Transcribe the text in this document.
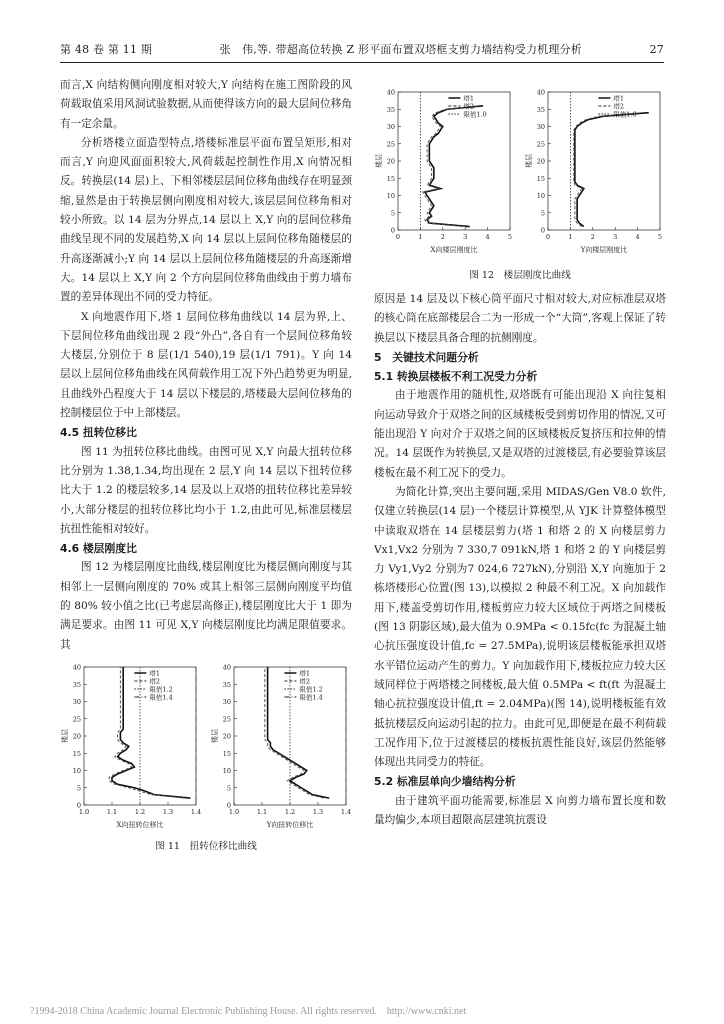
第 48 卷 第 11 期	张　伟,等. 带超高位转换 Z 形平面布置双塔框支剪力墙结构受力机理分析	27

而言,X 向结构侧向刚度相对较大,Y 向结构在施工图阶段的风荷载取值采用风洞试验数据,从而使得该方向的最大层间位移角有一定余量。

分析塔楼立面造型特点,塔楼标准层平面布置呈矩形,相对而言,Y 向迎风面面积较大,风荷载起控制性作用,X 向情况相反。转换层(14 层)上、下相邻楼层层间位移角曲线存在明显颈缩,显然是由于转换层侧向刚度相对较大,该层层间位移角相对较小所致。以 14 层为分界点,14 层以上 X,Y 向的层间位移角曲线呈现不同的发展趋势,X 向 14 层以上层间位移角随楼层的升高逐渐减小;Y 向 14 层以上层间位移角随楼层的升高逐渐增大。14 层以上 X,Y 向 2 个方向层间位移角曲线由于剪力墙布置的差异体现出不同的受力特征。

X 向地震作用下,塔 1 层间位移角曲线以 14 层为界,上、下层间位移角曲线出现 2 段“外凸”,各自有一个层间位移角较大楼层,分别位于 8 层(1/1 540),19 层(1/1 791)。Y 向 14 层以上层间位移角曲线在风荷载作用工况下外凸趋势更为明显,且曲线外凸程度大于 14 层以下楼层的,塔楼最大层间位移角的控制楼层位于中上部楼层。

4.5 扭转位移比

图 11 为扭转位移比曲线。由图可见 X,Y 向最大扭转位移比分别为 1.38,1.34,均出现在 2 层,Y 向 14 层以下扭转位移比大于 1.2 的楼层较多,14 层及以上双塔的扭转位移比差异较小,大部分楼层的扭转位移比均小于 1.2,由此可见,标准层楼层抗扭性能相对较好。

4.6 楼层刚度比

图 12 为楼层刚度比曲线,楼层刚度比为楼层侧向刚度与其相邻上一层侧向刚度的 70% 或其上相邻三层侧向刚度平均值的 80% 较小值之比(已考虑层高修正),楼层刚度比大于 1 即为满足要求。由图 11 可见 X,Y 向楼层刚度比均满足限值要求。其

0
5
10
15
20
25
30
35
40
1.0	1.1	1.2	1.3	1.4
塔1
塔2
限值1.2
限值1.4
X向扭转位移比
楼层
0
5
10
15
20
25
30
35
40
1.0	1.1	1.2	1.3	1.4
塔1
塔2
限值1.2
限值1.4
Y向扭转位移比
楼层
图 11　扭转位移比曲线
0
5
10
15
20
25
30
35
40
0	1	2	3	4	5
塔1
塔2
限值1.0
X向楼层刚度比
楼层
0
5
10
15
20
25
30
35
40
0	1	2	3	4	5
塔1
塔2
限值1.0
Y向楼层刚度比
楼层
图 12　楼层刚度比曲线

原因是 14 层及以下核心筒平面尺寸相对较大,对应标准层双塔的核心筒在底部楼层合二为一形成一个“大筒”,客观上保证了转换层以下楼层具备合理的抗侧刚度。

5　关键技术问题分析
5.1 转换层楼板不利工况受力分析

由于地震作用的随机性,双塔既有可能出现沿 X 向往复相向运动导致介于双塔之间的区域楼板受到剪切作用的情况,又可能出现沿 Y 向对介于双塔之间的区域楼板反复挤压和拉伸的情况。14 层既作为转换层,又是双塔的过渡楼层,有必要验算该层楼板在最不利工况下的受力。

为简化计算,突出主要问题,采用 MIDAS/Gen V8.0 软件,仅建立转换层(14 层)一个楼层计算模型,从 YJK 计算整体模型中读取双塔在 14 层楼层剪力(塔 1 和塔 2 的 X 向楼层剪力 Vx1,Vx2 分别为 7 330,7 091kN,塔 1 和塔 2 的 Y 向楼层剪力 Vy1,Vy2 分别为7 024,6 727kN),分别沿 X,Y 向施加于 2 栋塔楼形心位置(图 13),以模拟 2 种最不利工况。X 向加载作用下,楼盖受剪切作用,楼板剪应力较大区域位于两塔之间楼板(图 13 阴影区域),最大值为 0.9MPa < 0.15fc(fc 为混凝土轴心抗压强度设计值,fc = 27.5MPa),说明该层楼板能承担双塔水平错位运动产生的剪力。Y 向加载作用下,楼板拉应力较大区域同样位于两塔楼之间楼板,最大值 0.5MPa < ft(ft 为混凝土轴心抗拉强度设计值,ft = 2.04MPa)(图 14),说明楼板能有效抵抗楼层反向运动引起的拉力。由此可见,即便是在最不利荷载工况作用下,位于过渡楼层的楼板抗震性能良好,该层仍然能够体现出共同受力的特征。

5.2 标准层单向少墙结构分析

由于建筑平面功能需要,标准层 X 向剪力墙布置长度和数量均偏少,本项目超限高层建筑抗震设

?1994-2018 China Academic Journal Electronic Publishing House. All rights reserved.　http://www.cnki.net
